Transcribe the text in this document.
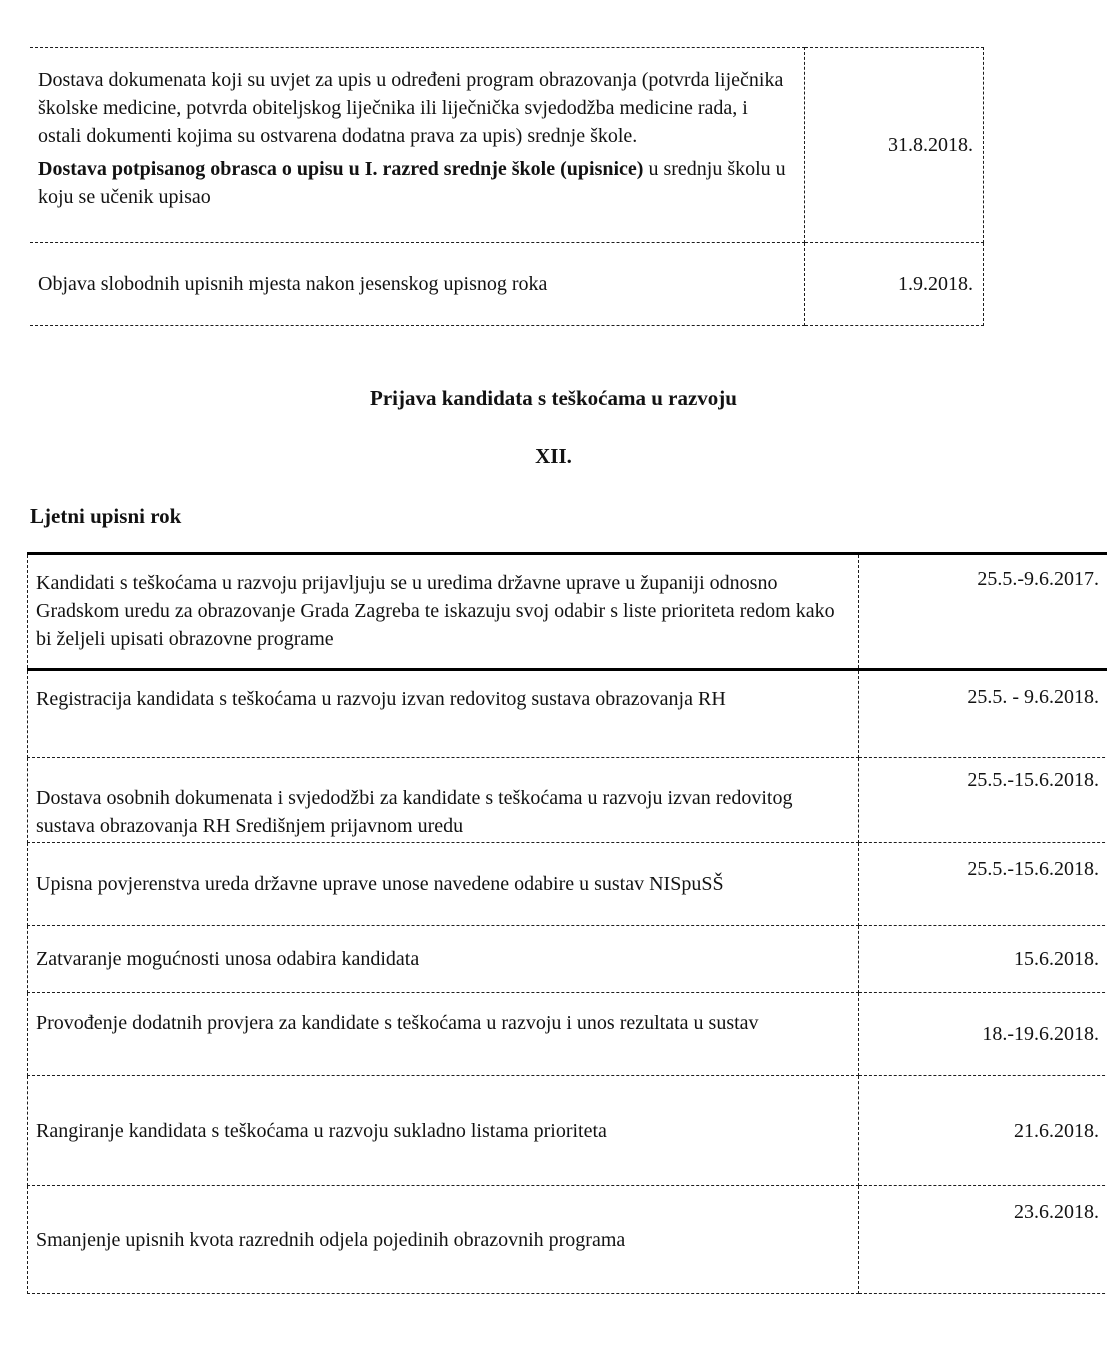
Dostava dokumenata koji su uvjet za upis u određeni program obrazovanja (potvrda liječnika školske medicine, potvrda obiteljskog liječnika ili liječnička svjedodžba medicine rada, i ostali dokumenti kojima su ostvarena dodatna prava za upis) srednje škole.

Dostava potpisanog obrasca o upisu u I. razred srednje škole (upisnice) u srednju školu u koju se učenik upisao	31.8.2018.
Objava slobodnih upisnih mjesta nakon jesenskog upisnog roka	1.9.2018.
Prijava kandidata s teškoćama u razvoju
XII.
Ljetni upisni rok
Kandidati s teškoćama u razvoju prijavljuju se u uredima državne uprave u županiji odnosno Gradskom uredu za obrazovanje Grada Zagreba te iskazuju svoj odabir s liste prioriteta redom kako bi željeli upisati obrazovne programe	25.5.-9.6.2017.
Registracija kandidata s teškoćama u razvoju izvan redovitog sustava obrazovanja RH	25.5. - 9.6.2018.
Dostava osobnih dokumenata i svjedodžbi za kandidate s teškoćama u razvoju izvan redovitog sustava obrazovanja RH Središnjem prijavnom uredu	25.5.-15.6.2018.
Upisna povjerenstva ureda državne uprave unose navedene odabire u sustav NISpuSŠ	25.5.-15.6.2018.
Zatvaranje mogućnosti unosa odabira kandidata	15.6.2018.
Provođenje dodatnih provjera za kandidate s teškoćama u razvoju i unos rezultata u sustav	18.-19.6.2018.
Rangiranje kandidata s teškoćama u razvoju sukladno listama prioriteta	21.6.2018.
Smanjenje upisnih kvota razrednih odjela pojedinih obrazovnih programa	23.6.2018.
